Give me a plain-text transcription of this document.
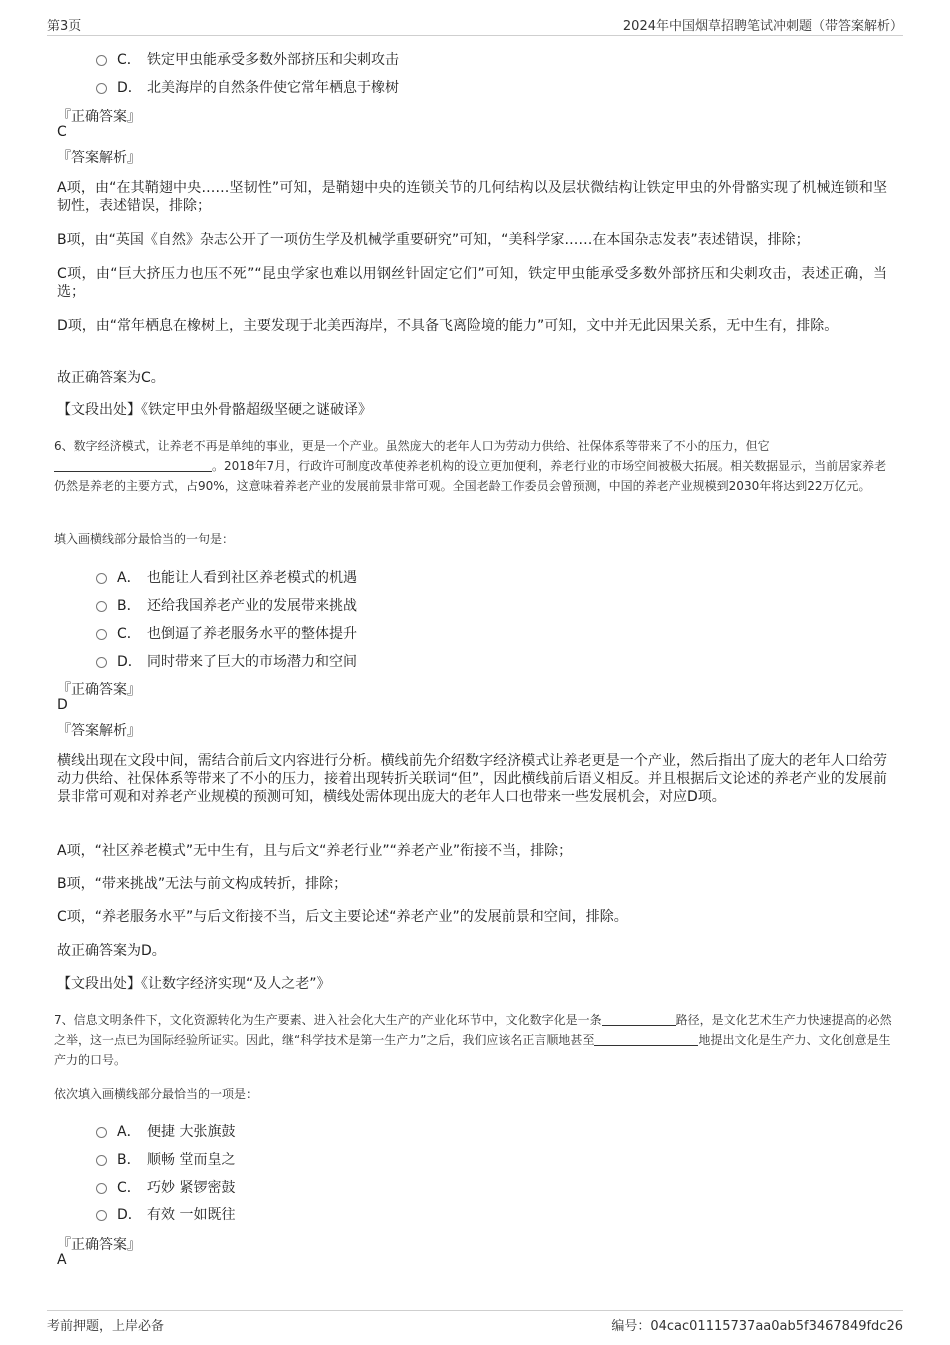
第3页	2024年中国烟草招聘笔试冲刺题（带答案解析）
C． 铁定甲虫能承受多数外部挤压和尖刺攻击
D． 北美海岸的自然条件使它常年栖息于橡树
『正确答案』
C
『答案解析』
A项，由“在其鞘翅中央……坚韧性”可知，是鞘翅中央的连锁关节的几何结构以及层状微结构让铁定甲虫的外骨骼实现了机械连锁和坚韧性，表述错误，排除；
B项，由“英国《自然》杂志公开了一项仿生学及机械学重要研究”可知，“美科学家……在本国杂志发表”表述错误，排除；
C项，由“巨大挤压力也压不死”“昆虫学家也难以用钢丝针固定它们”可知，铁定甲虫能承受多数外部挤压和尖刺攻击，表述正确，当选；
D项，由“常年栖息在橡树上，主要发现于北美西海岸，不具备飞离险境的能力”可知，文中并无此因果关系，无中生有，排除。
故正确答案为C。
【文段出处】《铁定甲虫外骨骼超级坚硬之谜破译》
6、数字经济模式，让养老不再是单纯的事业，更是一个产业。虽然庞大的老年人口为劳动力供给、社保体系等带来了不小的压力，但它。2018年7月，行政许可制度改革使养老机构的设立更加便利，养老行业的市场空间被极大拓展。相关数据显示，当前居家养老仍然是养老的主要方式，占90%，这意味着养老产业的发展前景非常可观。全国老龄工作委员会曾预测，中国的养老产业规模到2030年将达到22万亿元。
填入画横线部分最恰当的一句是：
A． 也能让人看到社区养老模式的机遇
B． 还给我国养老产业的发展带来挑战
C． 也倒逼了养老服务水平的整体提升
D． 同时带来了巨大的市场潜力和空间
『正确答案』
D
『答案解析』
横线出现在文段中间，需结合前后文内容进行分析。横线前先介绍数字经济模式让养老更是一个产业，然后指出了庞大的老年人口给劳动力供给、社保体系等带来了不小的压力，接着出现转折关联词“但”，因此横线前后语义相反。并且根据后文论述的养老产业的发展前景非常可观和对养老产业规模的预测可知，横线处需体现出庞大的老年人口也带来一些发展机会，对应D项。
A项，“社区养老模式”无中生有，且与后文“养老行业”“养老产业”衔接不当，排除；
B项，“带来挑战”无法与前文构成转折，排除；
C项，“养老服务水平”与后文衔接不当，后文主要论述“养老产业”的发展前景和空间，排除。
故正确答案为D。
【文段出处】《让数字经济实现“及人之老”》
7、信息文明条件下，文化资源转化为生产要素、进入社会化大生产的产业化环节中，文化数字化是一条	路径，是文化艺术生产力快速提高的必然之举，这一点已为国际经验所证实。因此，继“科学技术是第一生产力”之后，我们应该名正言顺地甚至	地提出文化是生产力、文化创意是生产力的口号。
依次填入画横线部分最恰当的一项是：
A． 便捷 大张旗鼓
B． 顺畅 堂而皇之
C． 巧妙 紧锣密鼓
D． 有效 一如既往
『正确答案』
A
考前押题，上岸必备	编号：04cac01115737aa0ab5f3467849fdc26
